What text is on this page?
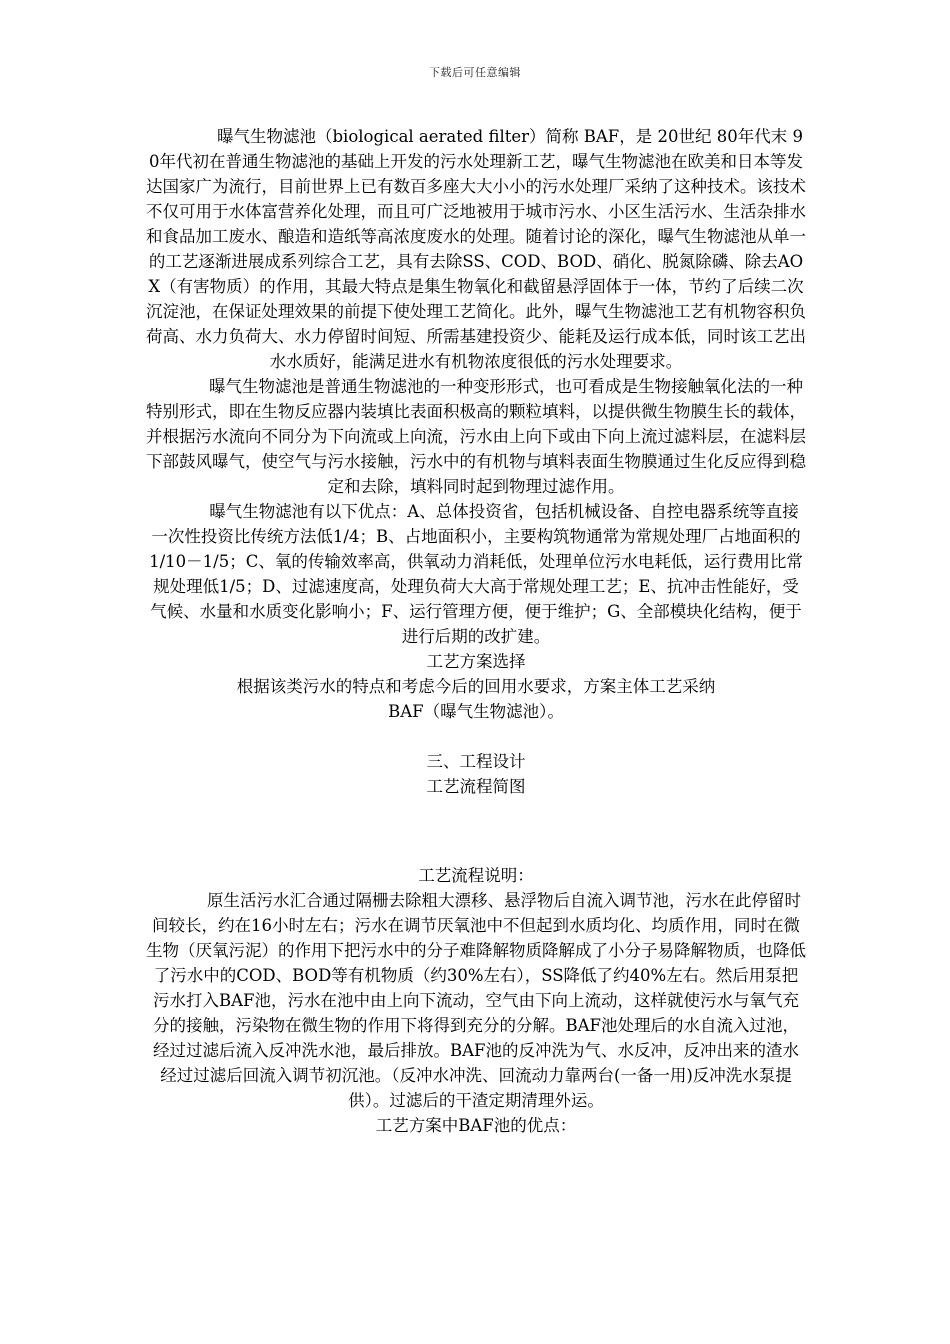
下载后可任意编辑

曝气生物滤池（biological aerated filter）简称 BAF，是 20世纪 80年代末 90年代初在普通生物滤池的基础上开发的污水处理新工艺，曝气生物滤池在欧美和日本等发达国家广为流行，目前世界上已有数百多座大大小小的污水处理厂采纳了这种技术。该技术不仅可用于水体富营养化处理，而且可广泛地被用于城市污水、小区生活污水、生活杂排水和食品加工废水、酿造和造纸等高浓度废水的处理。随着讨论的深化，曝气生物滤池从单一的工艺逐渐进展成系列综合工艺，具有去除SS、COD、BOD、硝化、脱氮除磷、除去AOX（有害物质）的作用，其最大特点是集生物氧化和截留悬浮固体于一体，节约了后续二次沉淀池，在保证处理效果的前提下使处理工艺简化。此外，曝气生物滤池工艺有机物容积负荷高、水力负荷大、水力停留时间短、所需基建投资少、能耗及运行成本低，同时该工艺出水水质好，能满足进水有机物浓度很低的污水处理要求。

曝气生物滤池是普通生物滤池的一种变形形式，也可看成是生物接触氧化法的一种特别形式，即在生物反应器内装填比表面积极高的颗粒填料，以提供微生物膜生长的载体，并根据污水流向不同分为下向流或上向流，污水由上向下或由下向上流过滤料层，在滤料层下部鼓风曝气，使空气与污水接触，污水中的有机物与填料表面生物膜通过生化反应得到稳定和去除，填料同时起到物理过滤作用。

曝气生物滤池有以下优点：A、总体投资省，包括机械设备、自控电器系统等直接一次性投资比传统方法低1/4；B、占地面积小，主要构筑物通常为常规处理厂占地面积的1/10－1/5；C、氧的传输效率高，供氧动力消耗低，处理单位污水电耗低，运行费用比常规处理低1/5；D、过滤速度高，处理负荷大大高于常规处理工艺；E、抗冲击性能好，受气候、水量和水质变化影响小；F、运行管理方便，便于维护；G、全部模块化结构，便于进行后期的改扩建。

工艺方案选择

根据该类污水的特点和考虑今后的回用水要求，方案主体工艺采纳

BAF（曝气生物滤池）。

三、工程设计

工艺流程简图

工艺流程说明：

原生活污水汇合通过隔栅去除粗大漂移、悬浮物后自流入调节池，污水在此停留时间较长，约在16小时左右；污水在调节厌氧池中不但起到水质均化、均质作用，同时在微生物（厌氧污泥）的作用下把污水中的分子难降解物质降解成了小分子易降解物质，也降低了污水中的COD、BOD等有机物质（约30%左右），SS降低了约40%左右。然后用泵把污水打入BAF池，污水在池中由上向下流动，空气由下向上流动，这样就使污水与氧气充分的接触，污染物在微生物的作用下将得到充分的分解。BAF池处理后的水自流入过池，经过过滤后流入反冲洗水池，最后排放。BAF池的反冲洗为气、水反冲，反冲出来的渣水经过过滤后回流入调节初沉池。（反冲水冲洗、回流动力靠两台(一备一用)反冲洗水泵提供）。过滤后的干渣定期清理外运。

工艺方案中BAF池的优点：
